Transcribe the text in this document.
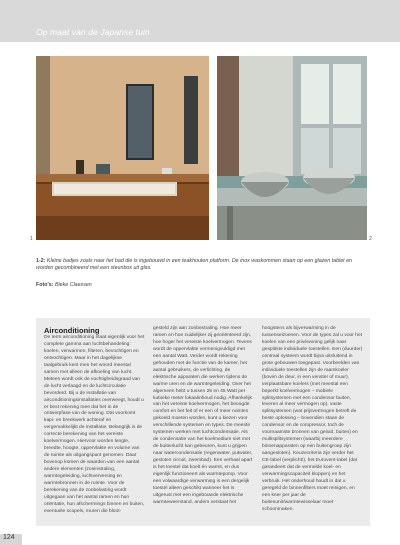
Op maat van de Japanse tuin
1	2

1-2: Kleine badjes zoals naar het bad die is ingebouwd in een teakhouten platform. De inox waskommen staan op een glazen tablet en worden gecombineerd met een steunbox uit glas.

Foto's: Bieke Claessen

Airconditioning

De term airconditioning staat eigenlijk voor het complete gamma aan luchtbehandeling: koelen, verwarmen, filteren, bevochtigen en ontvochtigen. Maar in het dagelijkse taalgebruik kent men het woord meestal samen met alleen de afkoeling van lucht. Meteen wordt ook de vochtigheidsgraad van de lucht verlaagd en de luchtcirculatie bevorderd. Bij u de installatie van airconditioningsinstallaties overweegt, houdt u er best rekening mee dat het in de ontwerpfase van de woning. Dat voorkomt kapi- en breekwerk achteraf en vergemakkelijkt de installatie. Belangrijk is de correcte berekening van het vereiste koelvermogen. Hiervoor worden lengte, breedte, hoogte, oppervlakte en volume van de ruimte als uitgangspunt genomen. Daar bovenop komen de waarden van een aantal andere elementen (zoninstraling, warmtegeleiding, luchtverversing en warmtebronnen in de ruimte. Voor de berekening van de zonbelasting wordt uitgegaan van het aantal ramen en hun oriëntatie, hun afschermings binnen en buiten, eventuele scopels, muren die bloot-

gesteld zijn aan zonbestraling. Hoe meer ramen en hoe zuidelijker zij georiënteerd zijn, hoe hoger het vereiste koelvermogen. Tevens wordt de oppervlakte vermenigvuldigd met een aantal Watt. Verder wordt rekening gehouden met de functie van de kamer, het aantal gebruikers, de verlichting, de elektrische apparaten die werken tijdens de warme uren en de warmtegeleiding. Over het algemeen hebt u tussen 25 en 45 Watt per kubieke meter lokaalinhoud nodig. Afhankelijk van het vereiste koelvermogen, het beoogde comfort en het feit of er een of meer ruimtes gekoeld moeten worden, kunt u kiezen voor verschillende systemen en types. De meeste systemen werken met luchtcondensatie. Als de condensatie van het koelmedium niet met de buitenlucht kan gebeuren, kunt u grijpen naar watercondensatie (regenwater, putwater, gesloten circuit, zwembad). Een verhaal apart is het toestel dat koelt én warmt, en dus eigenlijk functioneert als warmtepomp. Voor een volwaardige verwarming is een dergelijk toestel alleen geschikt wanneer het is uitgerust met een ingebouwde elektrische warmteweerstand, anders verstaat het

hoogstens als bijverwarming in de tussenseizoenen. Voor de types zal u voor het koelen van een privéwoning gelijk naar gesplitste individuele toestellen. Een (duurder) centraal systeem wordt bijna uitsluitend in grote gebouwen toegepast. Voorbeelden van individuele toestellen zijn de raamkoeler (boven de deur, in een venster of muur), verplaatsbare koelers (met meestal een beperkt koelvermogen – mobiele splitsystemen met een condensor buiten, leveren al meer vermogen op), vaste splitsystemen (wat prijsvermogen betreft de beste oplossing – bovendien staan de condensor en de compressor, toch de voornaamste bronnen van geluid, buiten) en multisplitsystemen (waarbij meerdere binnenapparaten op een buitengroep zijn aangesloten). Keuzecriteria zijn verder het CE-label (verplicht!), het Eurovent-label (dat garandeert dat de vermelde koel- en verwarmingscapaciteit kloppen) en het verbruik. Het onderhoud houdt in dat u geregeld de binnenfilters moet reinigen, en een keer per jaar de buitenunit/warmtewisselaar moet schoonmaken.

124
